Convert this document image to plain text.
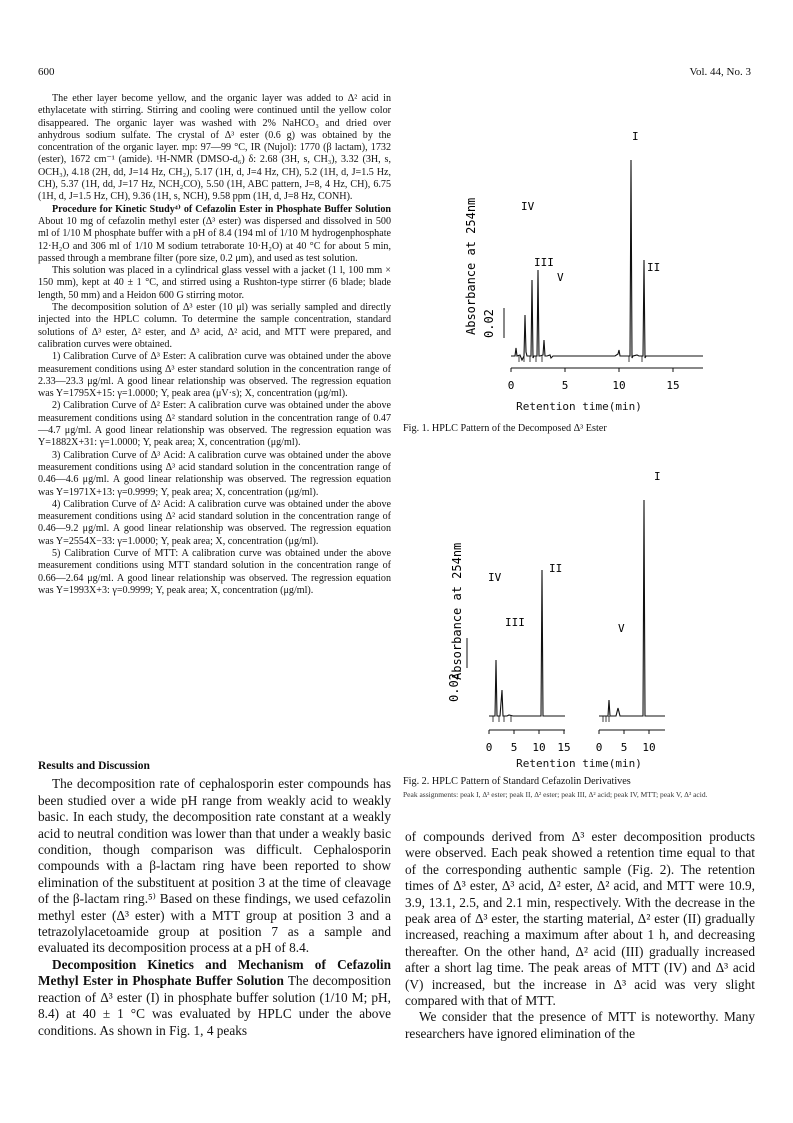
600	Vol. 44, No. 3

The ether layer become yellow, and the organic layer was added to Δ² acid in ethylacetate with stirring. Stirring and cooling were continued until the yellow color disappeared. The organic layer was washed with 2% NaHCO₃ and dried over anhydrous sodium sulfate. The crystal of Δ³ ester (0.6 g) was obtained by the concentration of the organic layer. mp: 97—99 °C, IR (Nujol): 1770 (β lactam), 1732 (ester), 1672 cm⁻¹ (amide). ¹H-NMR (DMSO-d₆) δ: 2.68 (3H, s, CH₃), 3.32 (3H, s, OCH₃), 4.18 (2H, dd, J=14 Hz, CH₂), 5.17 (1H, d, J=4 Hz, CH), 5.2 (1H, d, J=1.5 Hz, CH), 5.37 (1H, dd, J=17 Hz, NCH₂CO), 5.50 (1H, ABC pattern, J=8, 4 Hz, CH), 6.75 (1H, d, J=1.5 Hz, CH), 9.36 (1H, s, NCH), 9.58 ppm (1H, d, J=8 Hz, CONH).

Procedure for Kinetic Study⁴⁾ of Cefazolin Ester in Phosphate Buffer Solution About 10 mg of cefazolin methyl ester (Δ³ ester) was dispersed and dissolved in 500 ml of 1/10 M phosphate buffer with a pH of 8.4 (194 ml of 1/10 M hydrogenphosphate 12·H₂O and 306 ml of 1/10 M sodium tetraborate 10·H₂O) at 40 °C for about 5 min, passed through a membrane filter (pore size, 0.2 μm), and used as test solution.

This solution was placed in a cylindrical glass vessel with a jacket (1 l, 100 mm × 150 mm), kept at 40 ± 1 °C, and stirred using a Rushton-type stirrer (6 blade; blade length, 50 mm) and a Heidon 600 G stirring motor.

The decomposition solution of Δ³ ester (10 μl) was serially sampled and directly injected into the HPLC column. To determine the sample concentration, standard solutions of Δ³ ester, Δ² ester, and Δ³ acid, Δ² acid, and MTT were prepared, and calibration curves were obtained.

1) Calibration Curve of Δ³ Ester: A calibration curve was obtained under the above measurement conditions using Δ³ ester standard solution in the concentration range of 2.33—23.3 μg/ml. A good linear relationship was observed. The regression equation was Y=1795X+15: γ=1.0000; Y, peak area (μV·s); X, concentration (μg/ml).

2) Calibration Curve of Δ² Ester: A calibration curve was obtained under the above measurement conditions using Δ² standard solution in the concentration range of 0.47—4.7 μg/ml. A good linear relationship was observed. The regression equation was Y=1882X+31: γ=1.0000; Y, peak area; X, concentration (μg/ml).

3) Calibration Curve of Δ³ Acid: A calibration curve was obtained under the above measurement conditions using Δ³ acid standard solution in the concentration range of 0.46—4.6 μg/ml. A good linear relationship was observed. The regression equation was Y=1971X+13: γ=0.9999; Y, peak area; X, concentration (μg/ml).

4) Calibration Curve of Δ² Acid: A calibration curve was obtained under the above measurement conditions using Δ² acid standard solution in the concentration range of 0.46—9.2 μg/ml. A good linear relationship was observed. The regression equation was Y=2554X−33: γ=1.0000; Y, peak area; X, concentration (μg/ml).

5) Calibration Curve of MTT: A calibration curve was obtained under the above measurement conditions using MTT standard solution in the concentration range of 0.66—2.64 μg/ml. A good linear relationship was observed. The regression equation was Y=1993X+3: γ=0.9999; Y, peak area; X, concentration (μg/ml).

Results and Discussion

The decomposition rate of cephalosporin ester compounds has been studied over a wide pH range from weakly acid to weakly basic. In each study, the decomposition rate constant at a weakly acid to neutral condition was lower than that under a weakly basic condition, though comparison was difficult. Cephalosporin compounds with a β-lactam ring have been reported to show elimination of the substituent at position 3 at the time of cleavage of the β-lactam ring.⁵⁾ Based on these findings, we used cefazolin methyl ester (Δ³ ester) with a MTT group at position 3 and a tetrazolylacetoamide group at position 7 as a sample and evaluated its decomposition process at a pH of 8.4.

Decomposition Kinetics and Mechanism of Cefazolin Methyl Ester in Phosphate Buffer Solution The decomposition reaction of Δ³ ester (I) in phosphate buffer solution (1/10 M; pH, 8.4) at 40 ± 1 °C was evaluated by HPLC under the above conditions. As shown in Fig. 1, 4 peaks

Absorbance at 254nm 0.02
0	5	10	15
I
II
III
IV
V
Retention time(min)
Fig. 1. HPLC Pattern of the Decomposed Δ³ Ester
Absorbance at 254nm
0.02
0 5 10 15 0 5 10
I
II
III
IV
V
Retention time(min)
Fig. 2. HPLC Pattern of Standard Cefazolin Derivatives
Peak assignments: peak I, Δ³ ester; peak II, Δ² ester; peak III, Δ² acid; peak IV, MTT; peak V, Δ³ acid.

of compounds derived from Δ³ ester decomposition products were observed. Each peak showed a retention time equal to that of the corresponding authentic sample (Fig. 2). The retention times of Δ³ ester, Δ³ acid, Δ² ester, Δ² acid, and MTT were 10.9, 3.9, 13.1, 2.5, and 2.1 min, respectively. With the decrease in the peak area of Δ³ ester, the starting material, Δ² ester (II) gradually increased, reaching a maximum after about 1 h, and decreasing thereafter. On the other hand, Δ² acid (III) gradually increased after a short lag time. The peak areas of MTT (IV) and Δ³ acid (V) increased, but the increase in Δ³ acid was very slight compared with that of MTT.

We consider that the presence of MTT is noteworthy. Many researchers have ignored elimination of the
